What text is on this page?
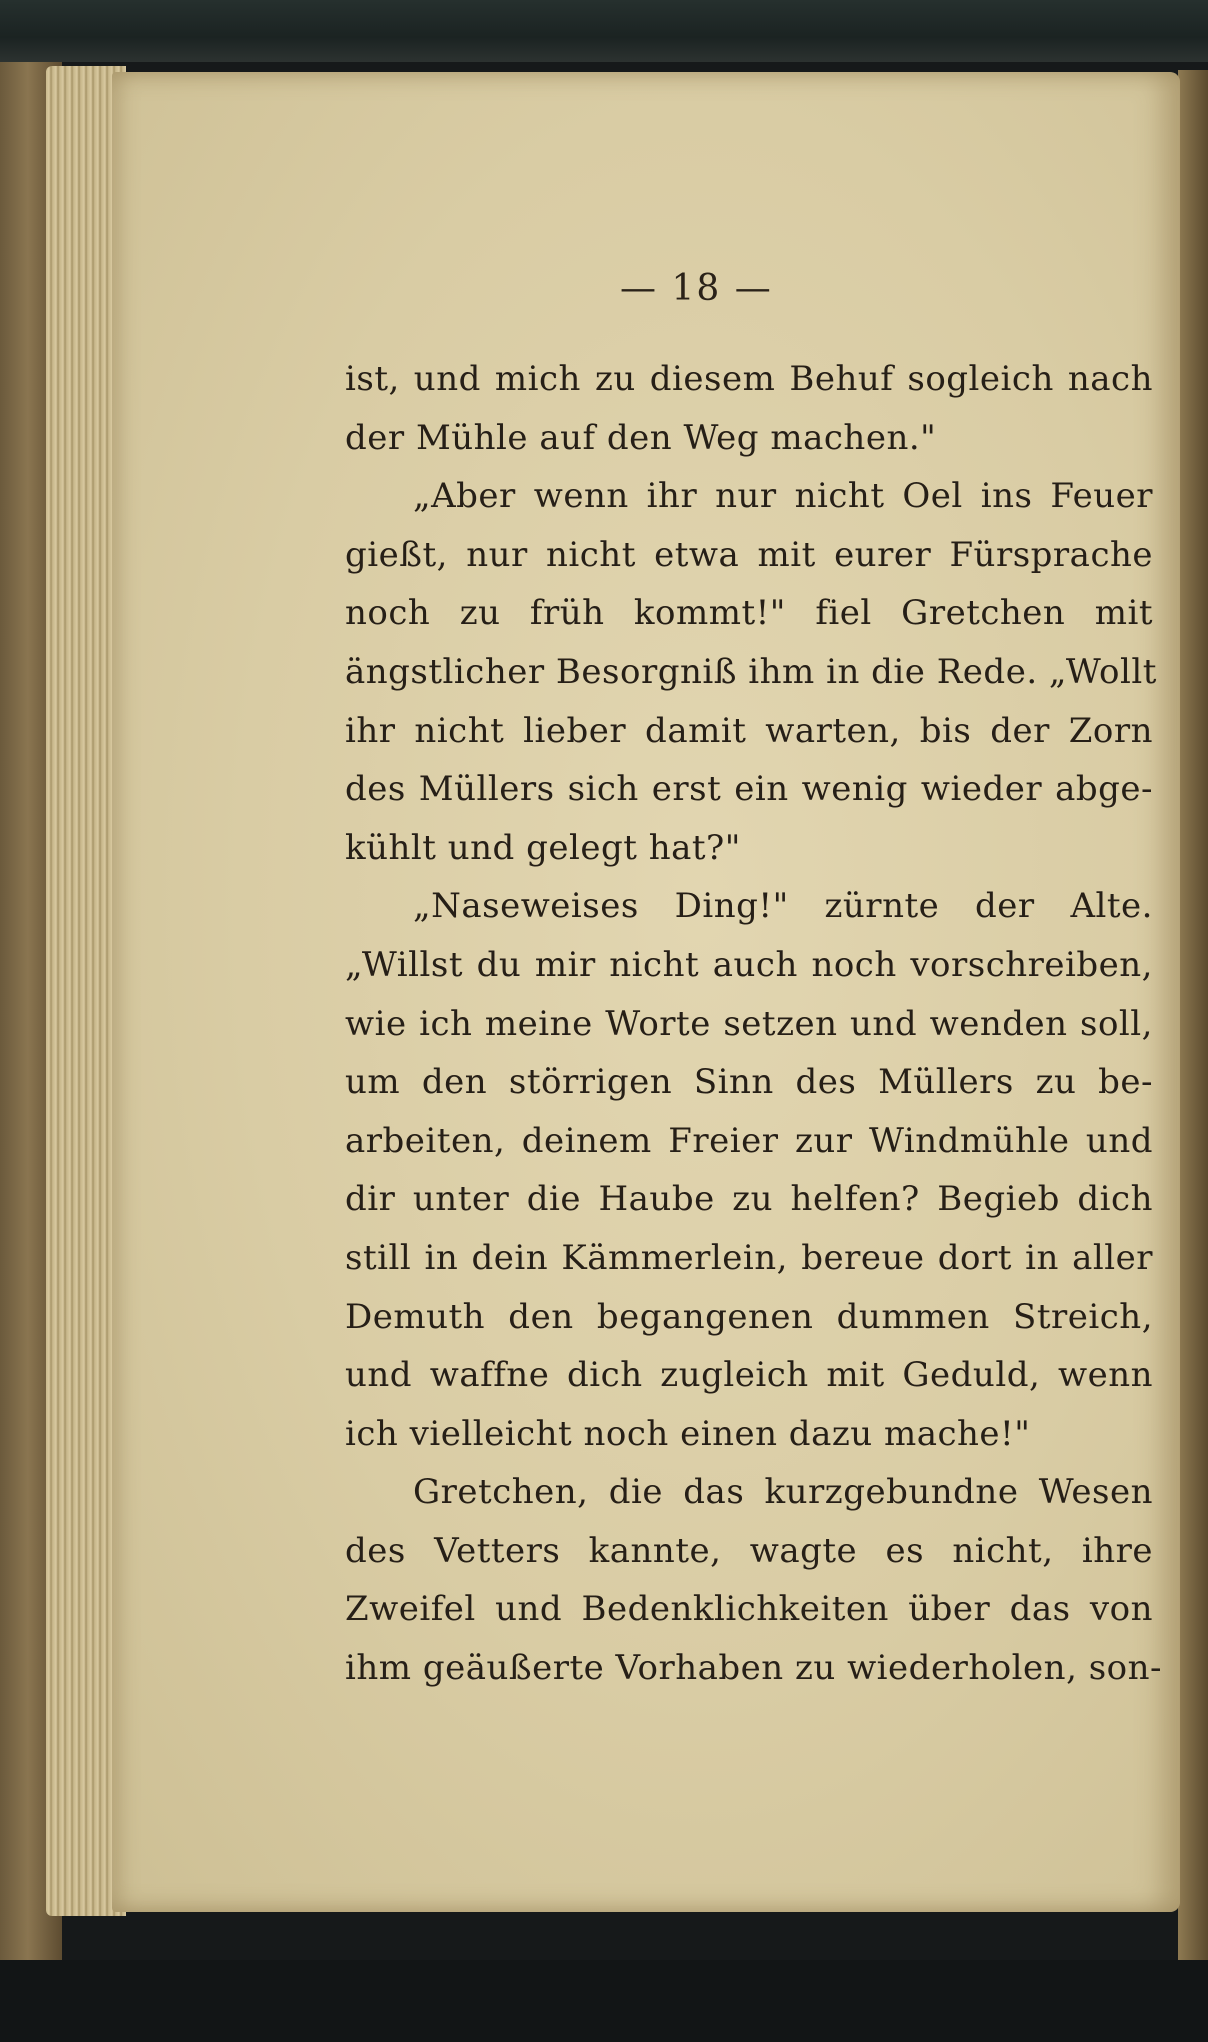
— 18 —
ist, und mich zu diesem Behuf sogleich nach
der Mühle auf den Weg machen."
„Aber wenn ihr nur nicht Oel ins Feuer
gießt, nur nicht etwa mit eurer Fürsprache
noch zu früh kommt!" fiel Gretchen mit
ängstlicher Besorgniß ihm in die Rede. „Wollt
ihr nicht lieber damit warten, bis der Zorn
des Müllers sich erst ein wenig wieder abge-
kühlt und gelegt hat?"
„Naseweises Ding!" zürnte der Alte.
„Willst du mir nicht auch noch vorschreiben,
wie ich meine Worte setzen und wenden soll,
um den störrigen Sinn des Müllers zu be-
arbeiten, deinem Freier zur Windmühle und
dir unter die Haube zu helfen? Begieb dich
still in dein Kämmerlein, bereue dort in aller
Demuth den begangenen dummen Streich,
und waffne dich zugleich mit Geduld, wenn
ich vielleicht noch einen dazu mache!"
Gretchen, die das kurzgebundne Wesen
des Vetters kannte, wagte es nicht, ihre
Zweifel und Bedenklichkeiten über das von
ihm geäußerte Vorhaben zu wiederholen, son-
